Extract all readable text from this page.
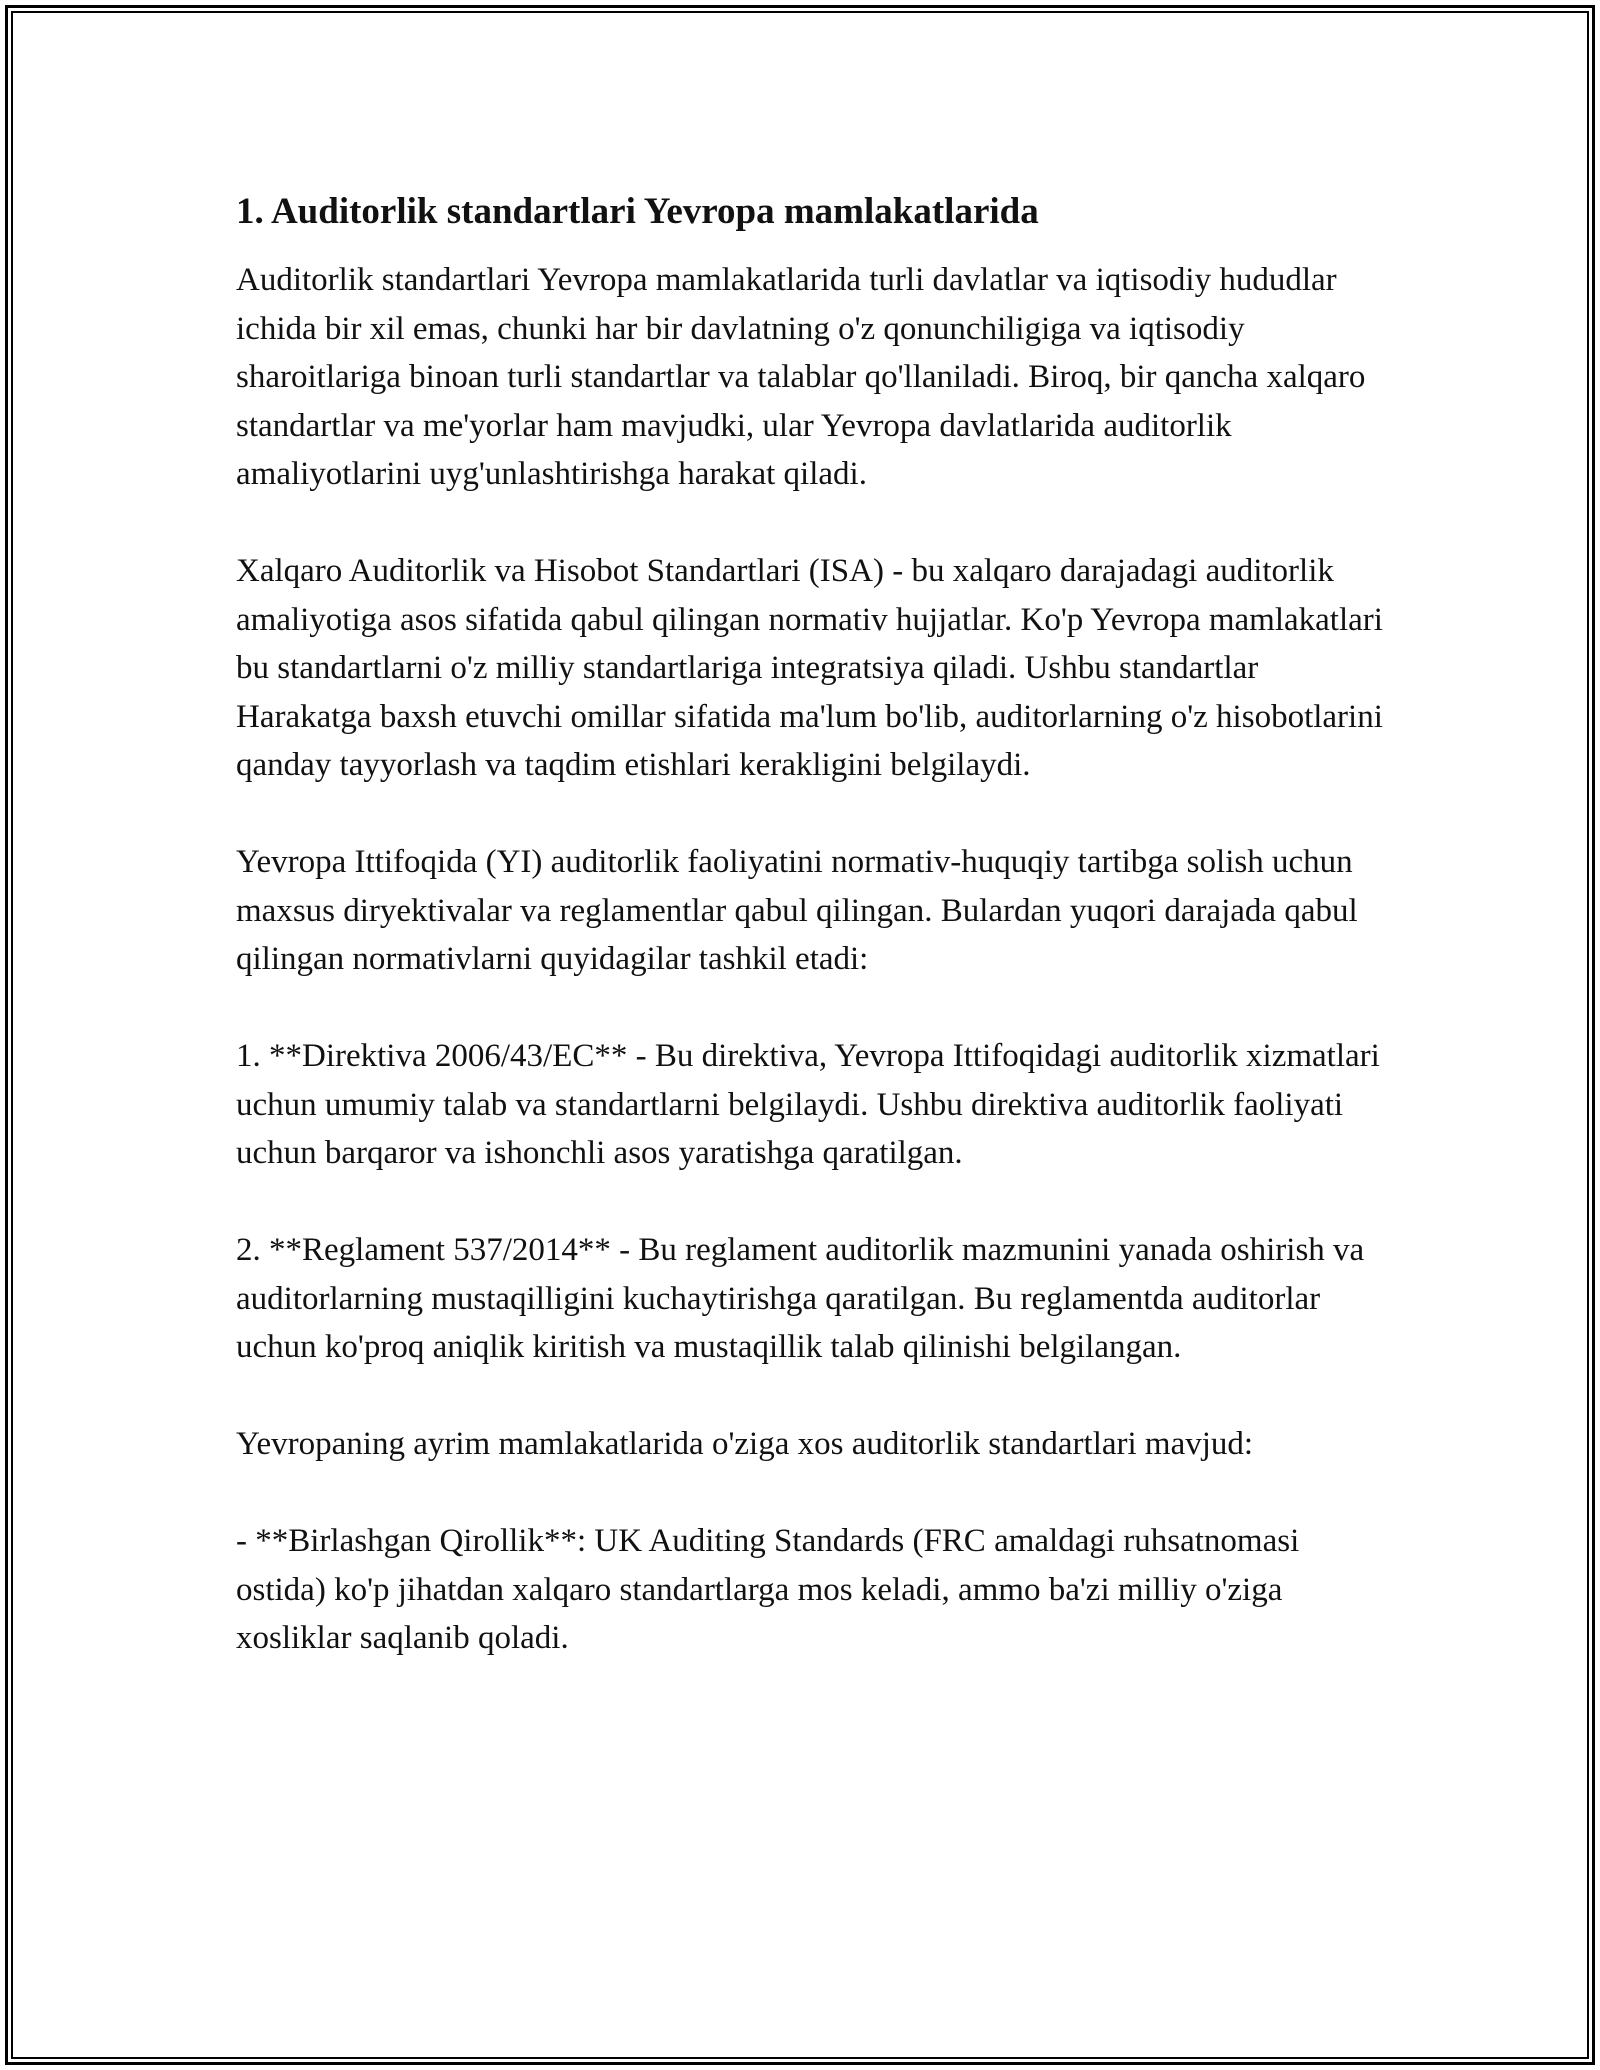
1. Auditorlik standartlari Yevropa mamlakatlarida

Auditorlik standartlari Yevropa mamlakatlarida turli davlatlar va iqtisodiy hududlar ichida bir xil emas, chunki har bir davlatning o'z qonunchiligiga va iqtisodiy sharoitlariga binoan turli standartlar va talablar qo'llaniladi. Biroq, bir qancha xalqaro standartlar va me'yorlar ham mavjudki, ular Yevropa davlatlarida auditorlik amaliyotlarini uyg'unlashtirishga harakat qiladi.

Xalqaro Auditorlik va Hisobot Standartlari (ISA) - bu xalqaro darajadagi auditorlik amaliyotiga asos sifatida qabul qilingan normativ hujjatlar. Ko'p Yevropa mamlakatlari bu standartlarni o'z milliy standartlariga integratsiya qiladi. Ushbu standartlar Harakatga baxsh etuvchi omillar sifatida ma'lum bo'lib, auditorlarning o'z hisobotlarini qanday tayyorlash va taqdim etishlari kerakligini belgilaydi.

Yevropa Ittifoqida (YI) auditorlik faoliyatini normativ-huquqiy tartibga solish uchun maxsus diryektivalar va reglamentlar qabul qilingan. Bulardan yuqori darajada qabul qilingan normativlarni quyidagilar tashkil etadi:

1. **Direktiva 2006/43/EC** - Bu direktiva, Yevropa Ittifoqidagi auditorlik xizmatlari uchun umumiy talab va standartlarni belgilaydi. Ushbu direktiva auditorlik faoliyati uchun barqaror va ishonchli asos yaratishga qaratilgan.

2. **Reglament 537/2014** - Bu reglament auditorlik mazmunini yanada oshirish va auditorlarning mustaqilligini kuchaytirishga qaratilgan. Bu reglamentda auditorlar uchun ko'proq aniqlik kiritish va mustaqillik talab qilinishi belgilangan.

Yevropaning ayrim mamlakatlarida o'ziga xos auditorlik standartlari mavjud:

- **Birlashgan Qirollik**: UK Auditing Standards (FRC amaldagi ruhsatnomasi ostida) ko'p jihatdan xalqaro standartlarga mos keladi, ammo ba'zi milliy o'ziga xosliklar saqlanib qoladi.
